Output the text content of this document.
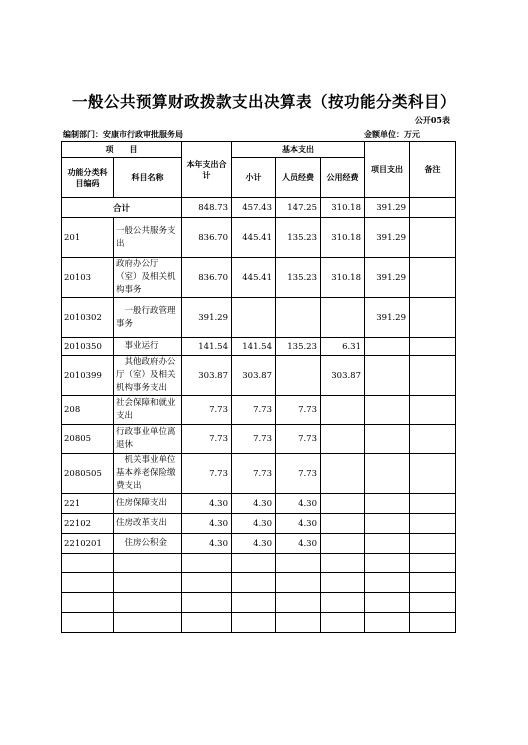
一般公共预算财政拨款支出决算表（按功能分类科目）
公开05表
编制部门：安康市行政审批服务局	金额单位：万元
项　　目		本年支出合计	基本支出			项目支出	备注
功能分类科目编码	科目名称		小计	人员经费	公用经费		
合计		848.73	457.43	147.25	310.18	391.29	
201	一般公共服务支出	836.70	445.41	135.23	310.18	391.29	
20103	政府办公厅（室）及相关机构事务	836.70	445.41	135.23	310.18	391.29	
2010302	　一般行政管理事务	391.29				391.29	
2010350	　事业运行	141.54	141.54	135.23	6.31		
2010399	　其他政府办公厅（室）及相关机构事务支出	303.87	303.87		303.87		
208	社会保障和就业支出	7.73	7.73	7.73			
20805	行政事业单位离退休	7.73	7.73	7.73			
2080505	　机关事业单位基本养老保险缴费支出	7.73	7.73	7.73			
221	住房保障支出	4.30	4.30	4.30			
22102	住房改革支出	4.30	4.30	4.30			
2210201	　住房公积金	4.30	4.30	4.30			
